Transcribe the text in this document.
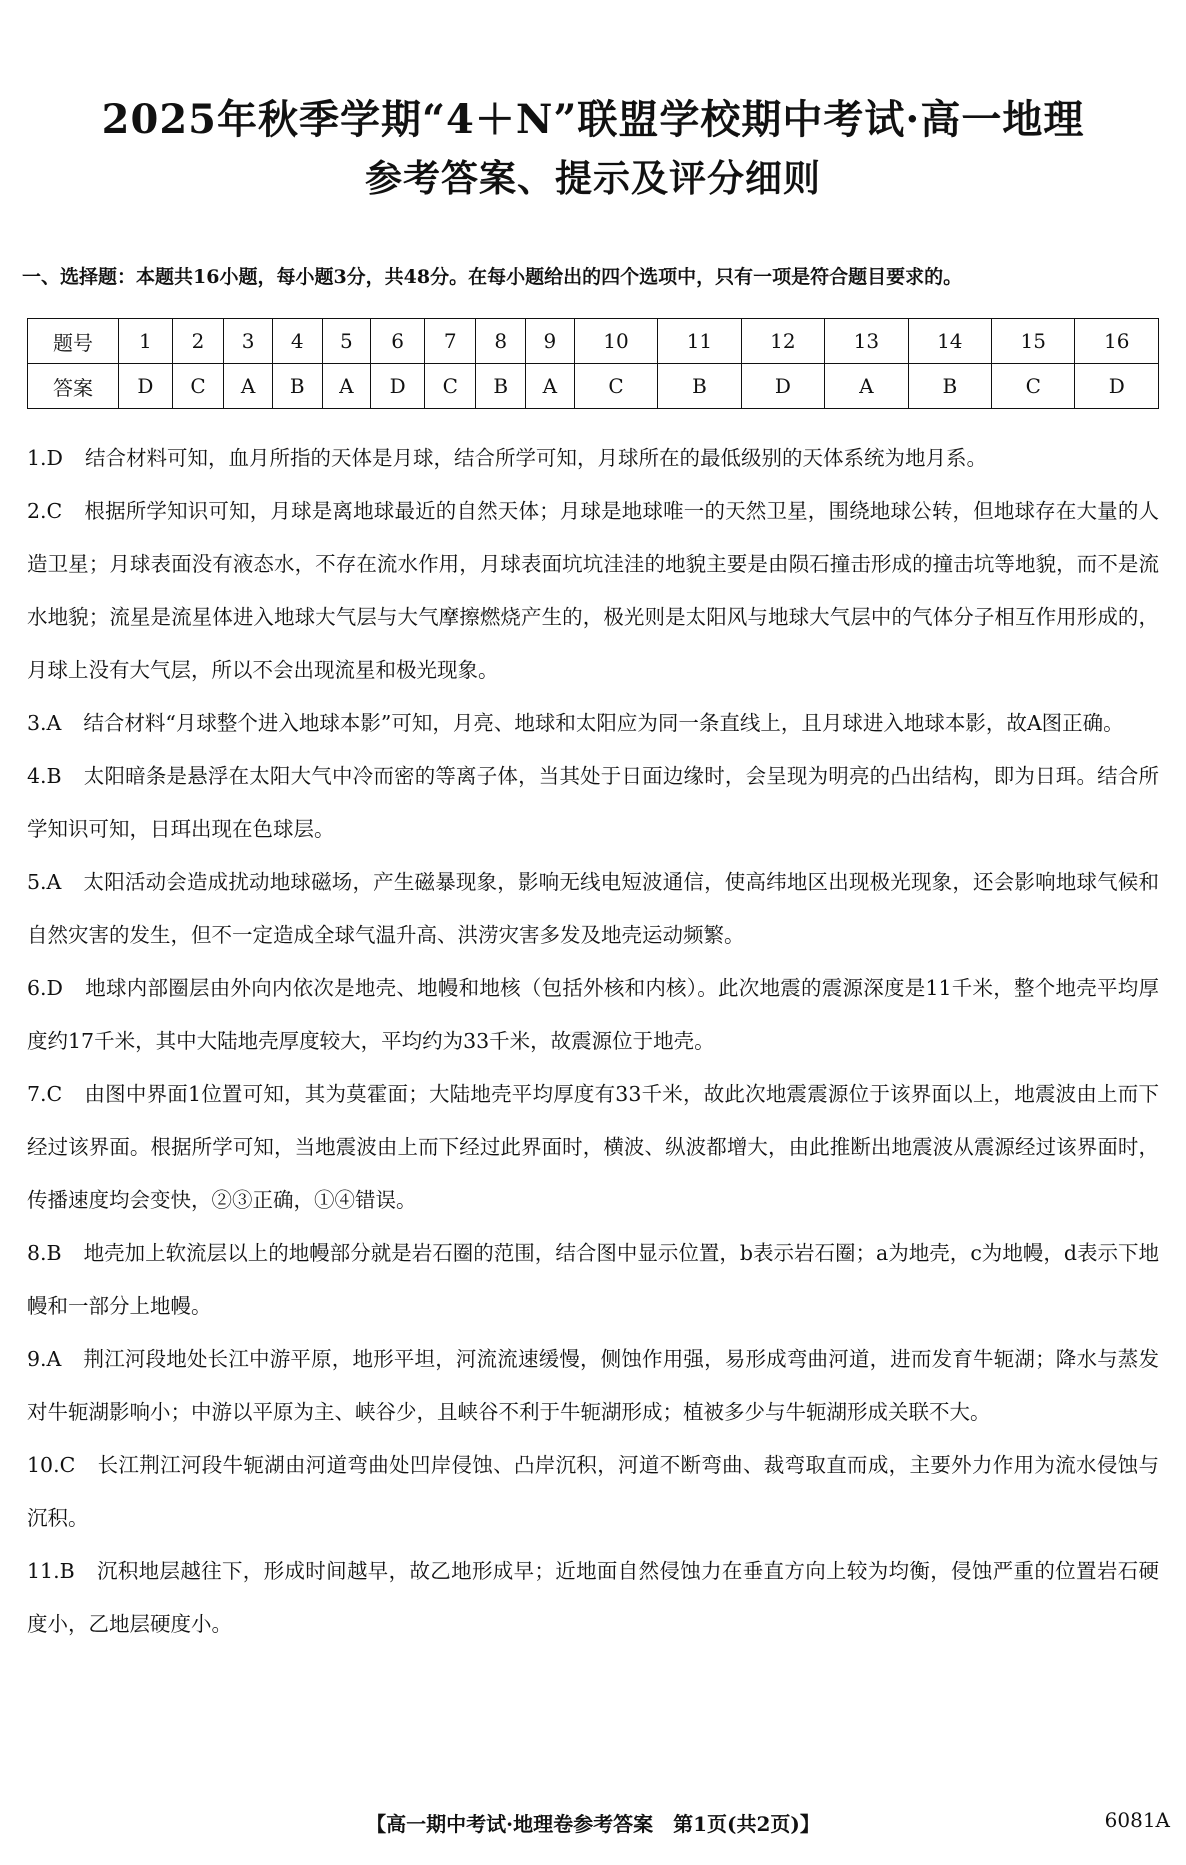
2025年秋季学期“4＋N”联盟学校期中考试·高一地理
参考答案、提示及评分细则
一、选择题：本题共16小题，每小题3分，共48分。在每小题给出的四个选项中，只有一项是符合题目要求的。
题号	1	2	3	4	5	6	7	8	9	10	11	12	13	14	15	16
答案	D	C	A	B	A	D	C	B	A	C	B	D	A	B	C	D

1.D 结合材料可知，血月所指的天体是月球，结合所学可知，月球所在的最低级别的天体系统为地月系。

2.C 根据所学知识可知，月球是离地球最近的自然天体；月球是地球唯一的天然卫星，围绕地球公转，但地球存在大量的人造卫星；月球表面没有液态水，不存在流水作用，月球表面坑坑洼洼的地貌主要是由陨石撞击形成的撞击坑等地貌，而不是流水地貌；流星是流星体进入地球大气层与大气摩擦燃烧产生的，极光则是太阳风与地球大气层中的气体分子相互作用形成的，月球上没有大气层，所以不会出现流星和极光现象。

3.A 结合材料“月球整个进入地球本影”可知，月亮、地球和太阳应为同一条直线上，且月球进入地球本影，故A图正确。

4.B 太阳暗条是悬浮在太阳大气中冷而密的等离子体，当其处于日面边缘时，会呈现为明亮的凸出结构，即为日珥。结合所学知识可知，日珥出现在色球层。

5.A 太阳活动会造成扰动地球磁场，产生磁暴现象，影响无线电短波通信，使高纬地区出现极光现象，还会影响地球气候和自然灾害的发生，但不一定造成全球气温升高、洪涝灾害多发及地壳运动频繁。

6.D 地球内部圈层由外向内依次是地壳、地幔和地核（包括外核和内核）。此次地震的震源深度是11千米，整个地壳平均厚度约17千米，其中大陆地壳厚度较大，平均约为33千米，故震源位于地壳。

7.C 由图中界面1位置可知，其为莫霍面；大陆地壳平均厚度有33千米，故此次地震震源位于该界面以上，地震波由上而下经过该界面。根据所学可知，当地震波由上而下经过此界面时，横波、纵波都增大，由此推断出地震波从震源经过该界面时，传播速度均会变快，②③正确，①④错误。

8.B 地壳加上软流层以上的地幔部分就是岩石圈的范围，结合图中显示位置，b表示岩石圈；a为地壳，c为地幔，d表示下地幔和一部分上地幔。

9.A 荆江河段地处长江中游平原，地形平坦，河流流速缓慢，侧蚀作用强，易形成弯曲河道，进而发育牛轭湖；降水与蒸发对牛轭湖影响小；中游以平原为主、峡谷少，且峡谷不利于牛轭湖形成；植被多少与牛轭湖形成关联不大。

10.C 长江荆江河段牛轭湖由河道弯曲处凹岸侵蚀、凸岸沉积，河道不断弯曲、裁弯取直而成，主要外力作用为流水侵蚀与沉积。

11.B 沉积地层越往下，形成时间越早，故乙地形成早；近地面自然侵蚀力在垂直方向上较为均衡，侵蚀严重的位置岩石硬度小，乙地层硬度小。

【高一期中考试·地理卷参考答案　第1页(共2页)】	6081A
